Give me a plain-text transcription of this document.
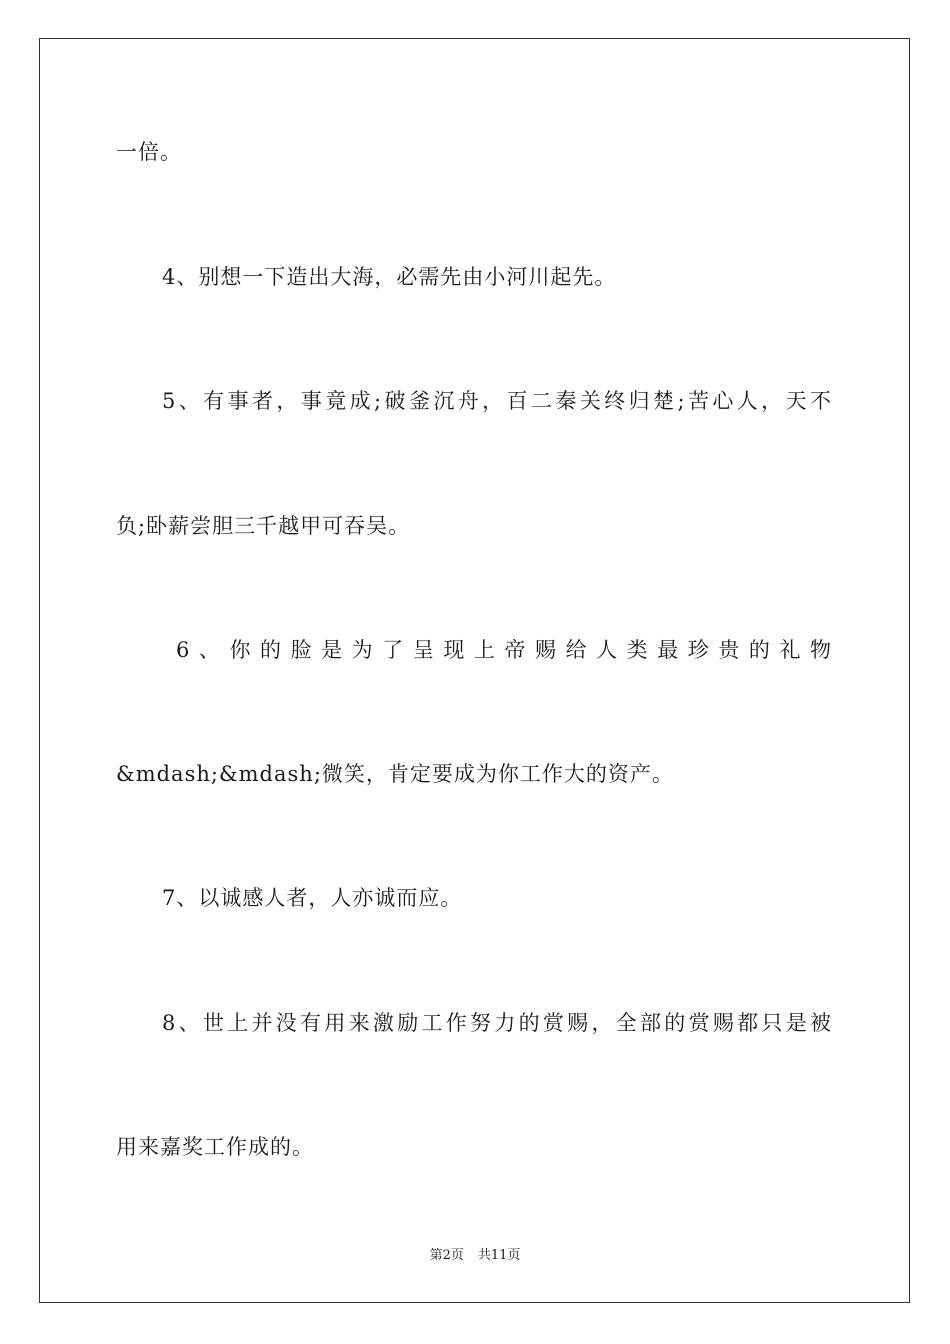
一倍。
4、别想一下造出大海，必需先由小河川起先。
5、有事者，事竟成;破釜沉舟，百二秦关终归楚;苦心人，天不
负;卧薪尝胆三千越甲可吞吴。
6、你的脸是为了呈现上帝赐给人类最珍贵的礼物
&mdash;&mdash;微笑，肯定要成为你工作大的资产。
7、以诚感人者，人亦诚而应。
8、世上并没有用来激励工作努力的赏赐，全部的赏赐都只是被
用来嘉奖工作成的。
第2页 共11页
